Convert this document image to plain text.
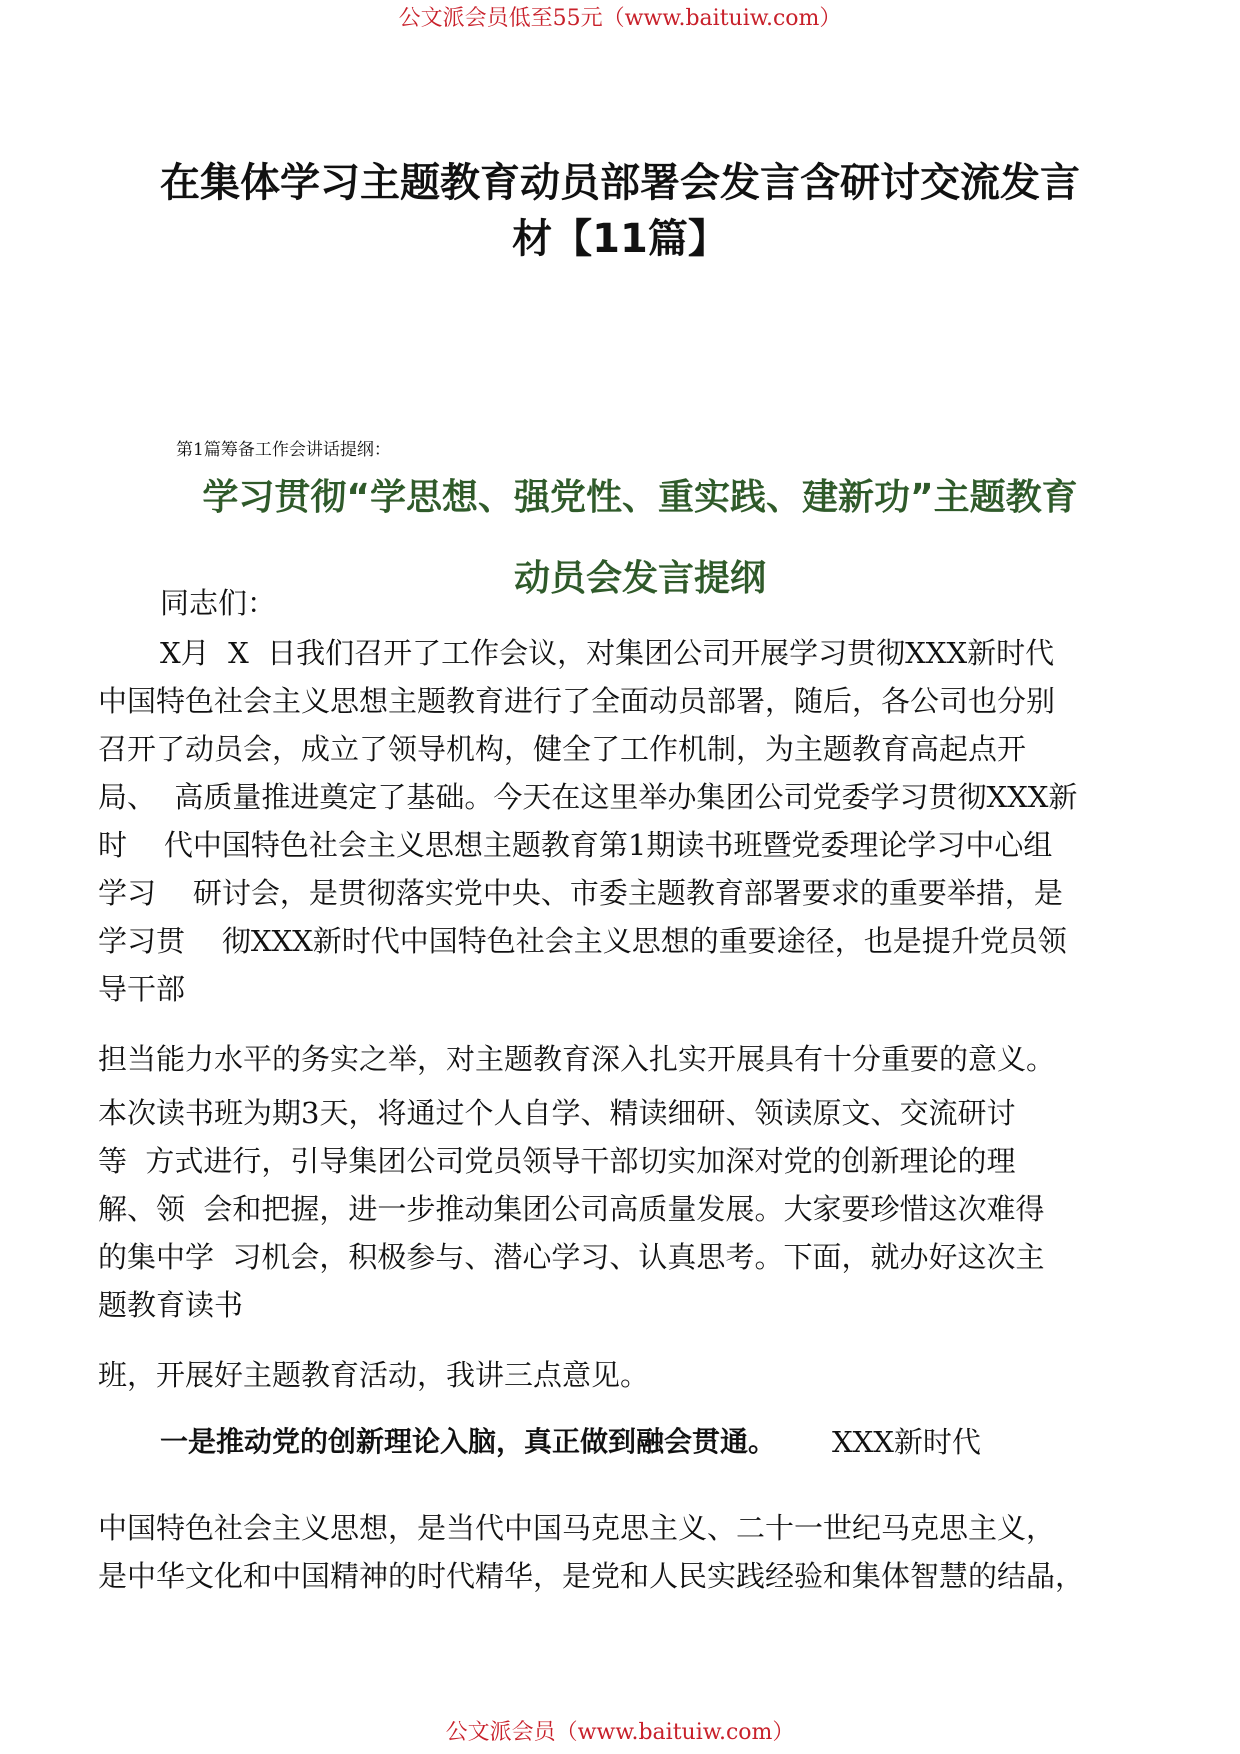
公文派会员低至55元（www.baituiw.com）
在集体学习主题教育动员部署会发言含研讨交流发言
材【11篇】
第1篇筹备工作会讲话提纲：
学习贯彻“学思想、强党性、重实践、建新功”主题教育
动员会发言提纲
同志们：
X月  X  日我们召开了工作会议，对集团公司开展学习贯彻XXX新时代
中国特色社会主义思想主题教育进行了全面动员部署，随后，各公司也分别
召开了动员会，成立了领导机构，健全了工作机制，为主题教育高起点开
局、  高质量推进奠定了基础。今天在这里举办集团公司党委学习贯彻XXX新
时    代中国特色社会主义思想主题教育第1期读书班暨党委理论学习中心组
学习    研讨会，是贯彻落实党中央、市委主题教育部署要求的重要举措，是
学习贯    彻XXX新时代中国特色社会主义思想的重要途径，也是提升党员领
导干部
担当能力水平的务实之举，对主题教育深入扎实开展具有十分重要的意义。
本次读书班为期3天，将通过个人自学、精读细研、领读原文、交流研讨
等  方式进行，引导集团公司党员领导干部切实加深对党的创新理论的理
解、领  会和把握，进一步推动集团公司高质量发展。大家要珍惜这次难得
的集中学  习机会，积极参与、潜心学习、认真思考。下面，就办好这次主
题教育读书
班，开展好主题教育活动，我讲三点意见。
一是推动党的创新理论入脑，真正做到融会贯通。 XXX新时代
中国特色社会主义思想，是当代中国马克思主义、二十一世纪马克思主义，
是中华文化和中国精神的时代精华，是党和人民实践经验和集体智慧的结晶，
公文派会员（www.baituiw.com）
